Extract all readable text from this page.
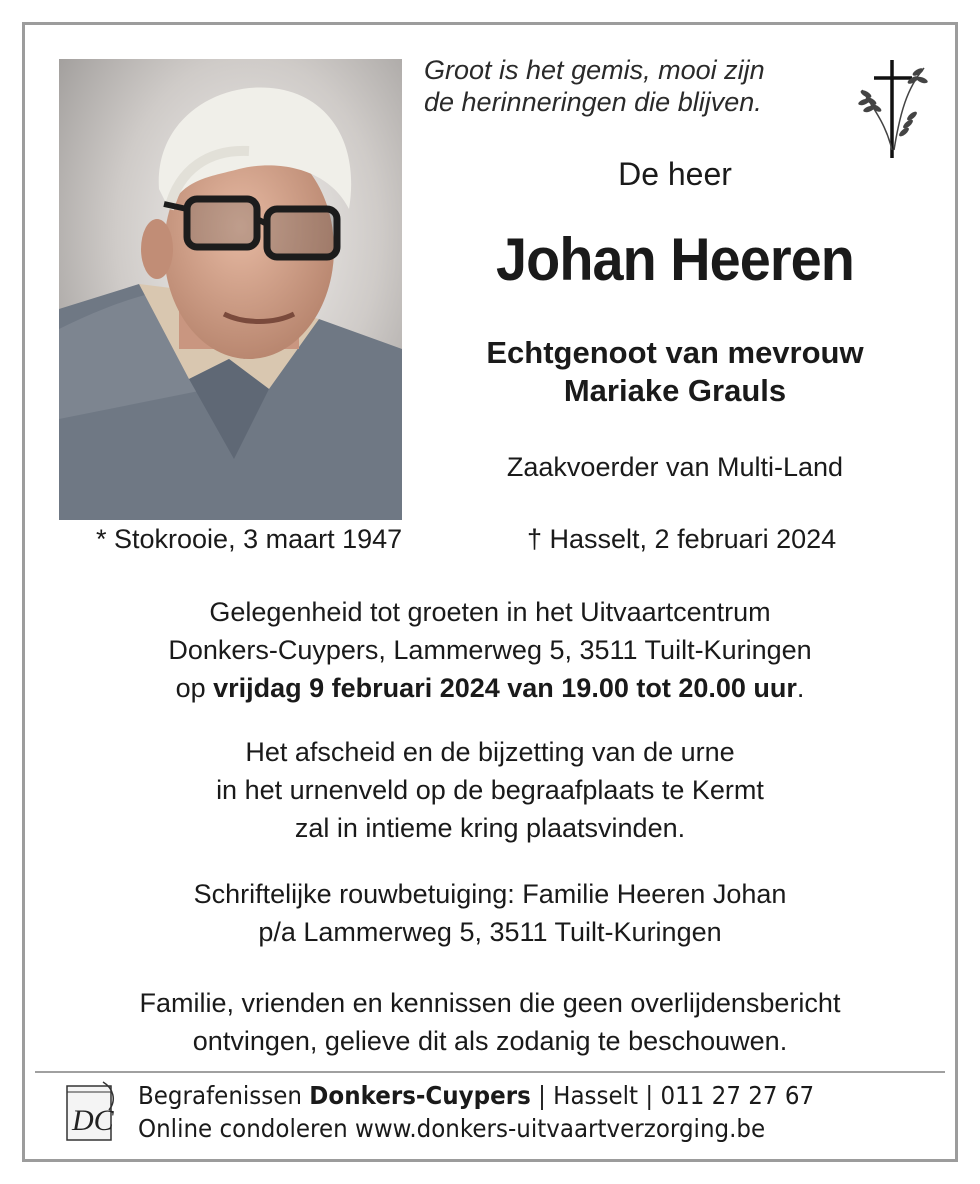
Groot is het gemis, mooi zijn
de herinneringen die blijven.
De heer
Johan Heeren
Echtgenoot van mevrouw
Mariake Grauls
Zaakvoerder van Multi-Land
* Stokrooie, 3 maart 1947	† Hasselt, 2 februari 2024
Gelegenheid tot groeten in het Uitvaartcentrum
Donkers-Cuypers, Lammerweg 5, 3511 Tuilt-Kuringen
op vrijdag 9 februari 2024 van 19.00 tot 20.00 uur.
Het afscheid en de bijzetting van de urne
in het urnenveld op de begraafplaats te Kermt
zal in intieme kring plaatsvinden.
Schriftelijke rouwbetuiging: Familie Heeren Johan
p/a Lammerweg 5, 3511 Tuilt-Kuringen
Familie, vrienden en kennissen die geen overlijdensbericht
ontvingen, gelieve dit als zodanig te beschouwen.
DC
Begrafenissen Donkers-Cuypers | Hasselt | 011 27 27 67
Online condoleren www.donkers-uitvaartverzorging.be
